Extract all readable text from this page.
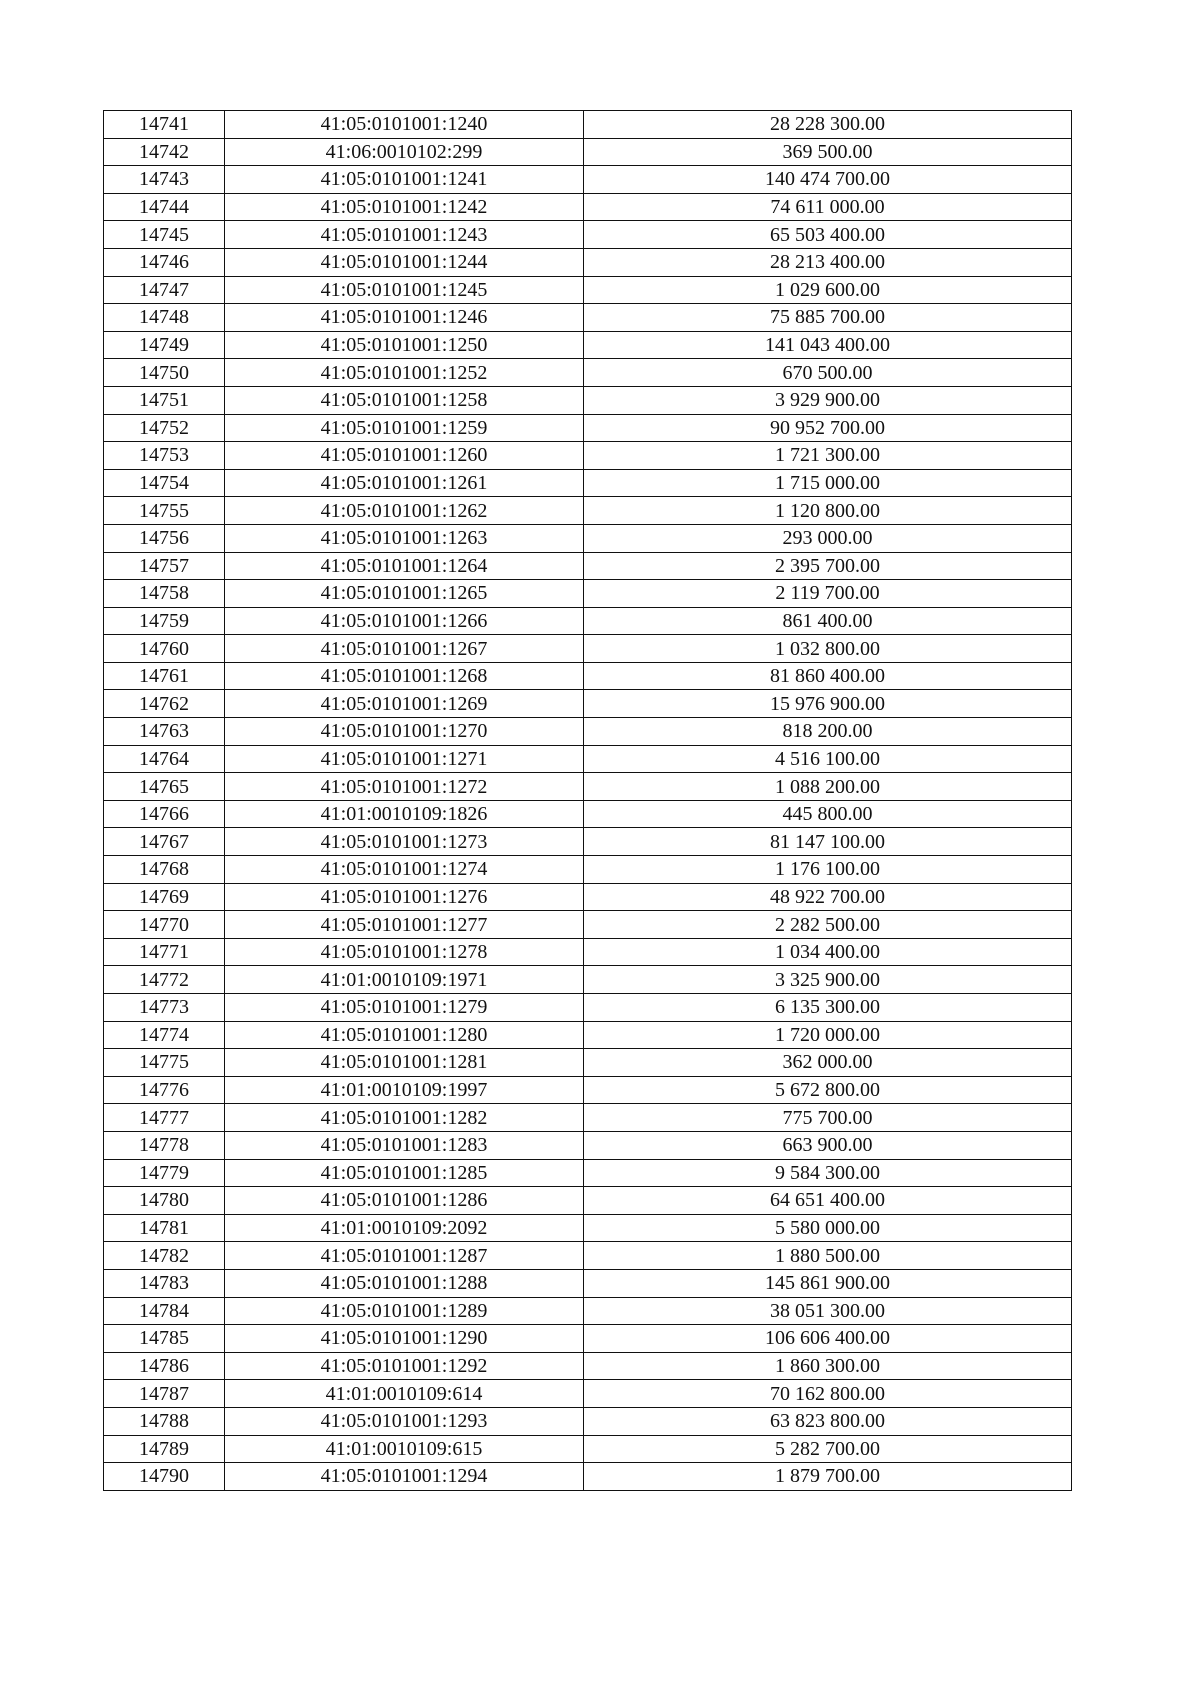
14741	41:05:0101001:1240	28 228 300.00
14742	41:06:0010102:299	369 500.00
14743	41:05:0101001:1241	140 474 700.00
14744	41:05:0101001:1242	74 611 000.00
14745	41:05:0101001:1243	65 503 400.00
14746	41:05:0101001:1244	28 213 400.00
14747	41:05:0101001:1245	1 029 600.00
14748	41:05:0101001:1246	75 885 700.00
14749	41:05:0101001:1250	141 043 400.00
14750	41:05:0101001:1252	670 500.00
14751	41:05:0101001:1258	3 929 900.00
14752	41:05:0101001:1259	90 952 700.00
14753	41:05:0101001:1260	1 721 300.00
14754	41:05:0101001:1261	1 715 000.00
14755	41:05:0101001:1262	1 120 800.00
14756	41:05:0101001:1263	293 000.00
14757	41:05:0101001:1264	2 395 700.00
14758	41:05:0101001:1265	2 119 700.00
14759	41:05:0101001:1266	861 400.00
14760	41:05:0101001:1267	1 032 800.00
14761	41:05:0101001:1268	81 860 400.00
14762	41:05:0101001:1269	15 976 900.00
14763	41:05:0101001:1270	818 200.00
14764	41:05:0101001:1271	4 516 100.00
14765	41:05:0101001:1272	1 088 200.00
14766	41:01:0010109:1826	445 800.00
14767	41:05:0101001:1273	81 147 100.00
14768	41:05:0101001:1274	1 176 100.00
14769	41:05:0101001:1276	48 922 700.00
14770	41:05:0101001:1277	2 282 500.00
14771	41:05:0101001:1278	1 034 400.00
14772	41:01:0010109:1971	3 325 900.00
14773	41:05:0101001:1279	6 135 300.00
14774	41:05:0101001:1280	1 720 000.00
14775	41:05:0101001:1281	362 000.00
14776	41:01:0010109:1997	5 672 800.00
14777	41:05:0101001:1282	775 700.00
14778	41:05:0101001:1283	663 900.00
14779	41:05:0101001:1285	9 584 300.00
14780	41:05:0101001:1286	64 651 400.00
14781	41:01:0010109:2092	5 580 000.00
14782	41:05:0101001:1287	1 880 500.00
14783	41:05:0101001:1288	145 861 900.00
14784	41:05:0101001:1289	38 051 300.00
14785	41:05:0101001:1290	106 606 400.00
14786	41:05:0101001:1292	1 860 300.00
14787	41:01:0010109:614	70 162 800.00
14788	41:05:0101001:1293	63 823 800.00
14789	41:01:0010109:615	5 282 700.00
14790	41:05:0101001:1294	1 879 700.00
